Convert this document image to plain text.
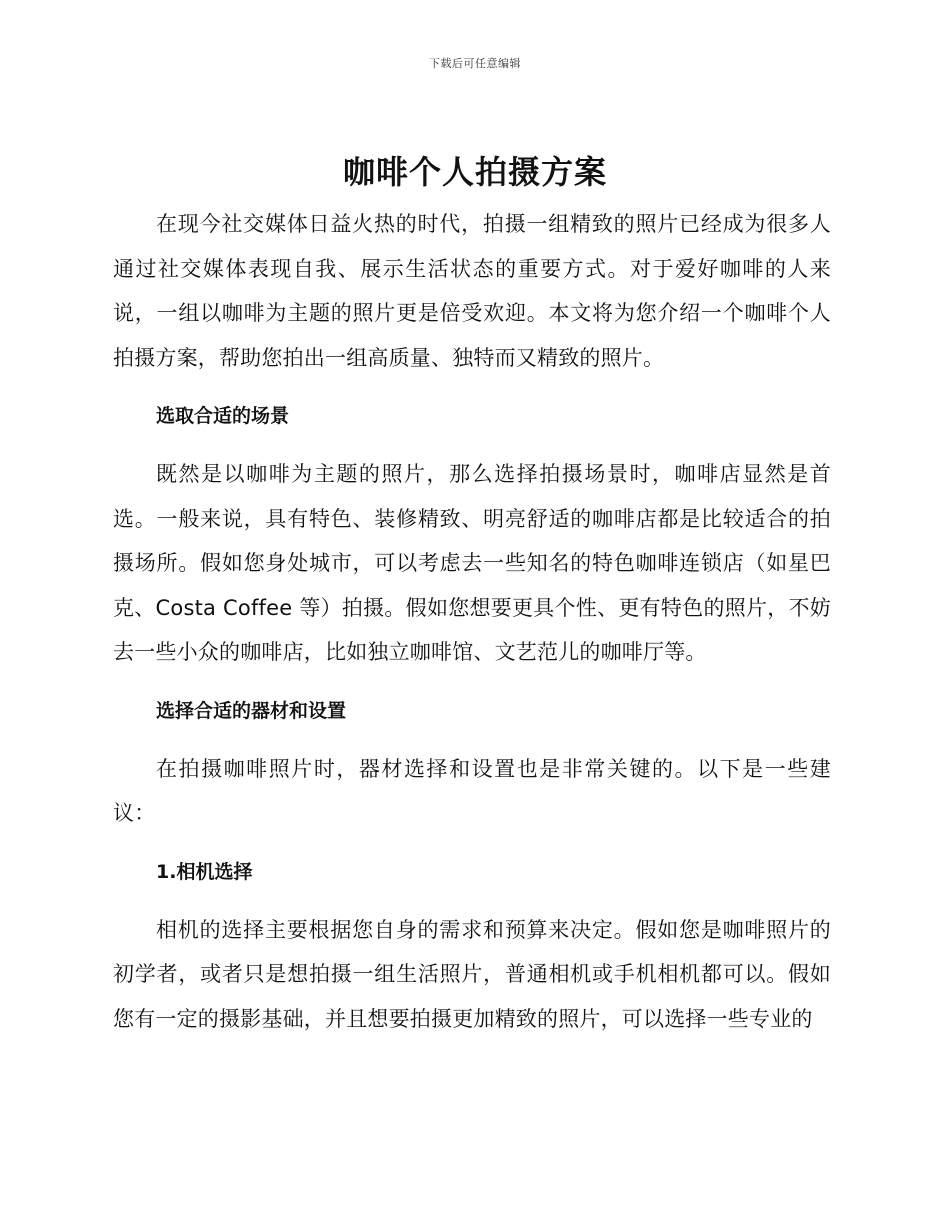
下载后可任意编辑
咖啡个人拍摄方案

在现今社交媒体日益火热的时代，拍摄一组精致的照片已经成为很多人通过社交媒体表现自我、展示生活状态的重要方式。对于爱好咖啡的人来说，一组以咖啡为主题的照片更是倍受欢迎。本文将为您介绍一个咖啡个人拍摄方案，帮助您拍出一组高质量、独特而又精致的照片。

选取合适的场景

既然是以咖啡为主题的照片，那么选择拍摄场景时，咖啡店显然是首选。一般来说，具有特色、装修精致、明亮舒适的咖啡店都是比较适合的拍摄场所。假如您身处城市，可以考虑去一些知名的特色咖啡连锁店（如星巴克、Costa Coffee 等）拍摄。假如您想要更具个性、更有特色的照片，不妨去一些小众的咖啡店，比如独立咖啡馆、文艺范儿的咖啡厅等。

选择合适的器材和设置

在拍摄咖啡照片时，器材选择和设置也是非常关键的。以下是一些建议：

1.相机选择

相机的选择主要根据您自身的需求和预算来决定。假如您是咖啡照片的初学者，或者只是想拍摄一组生活照片，普通相机或手机相机都可以。假如您有一定的摄影基础，并且想要拍摄更加精致的照片，可以选择一些专业的
